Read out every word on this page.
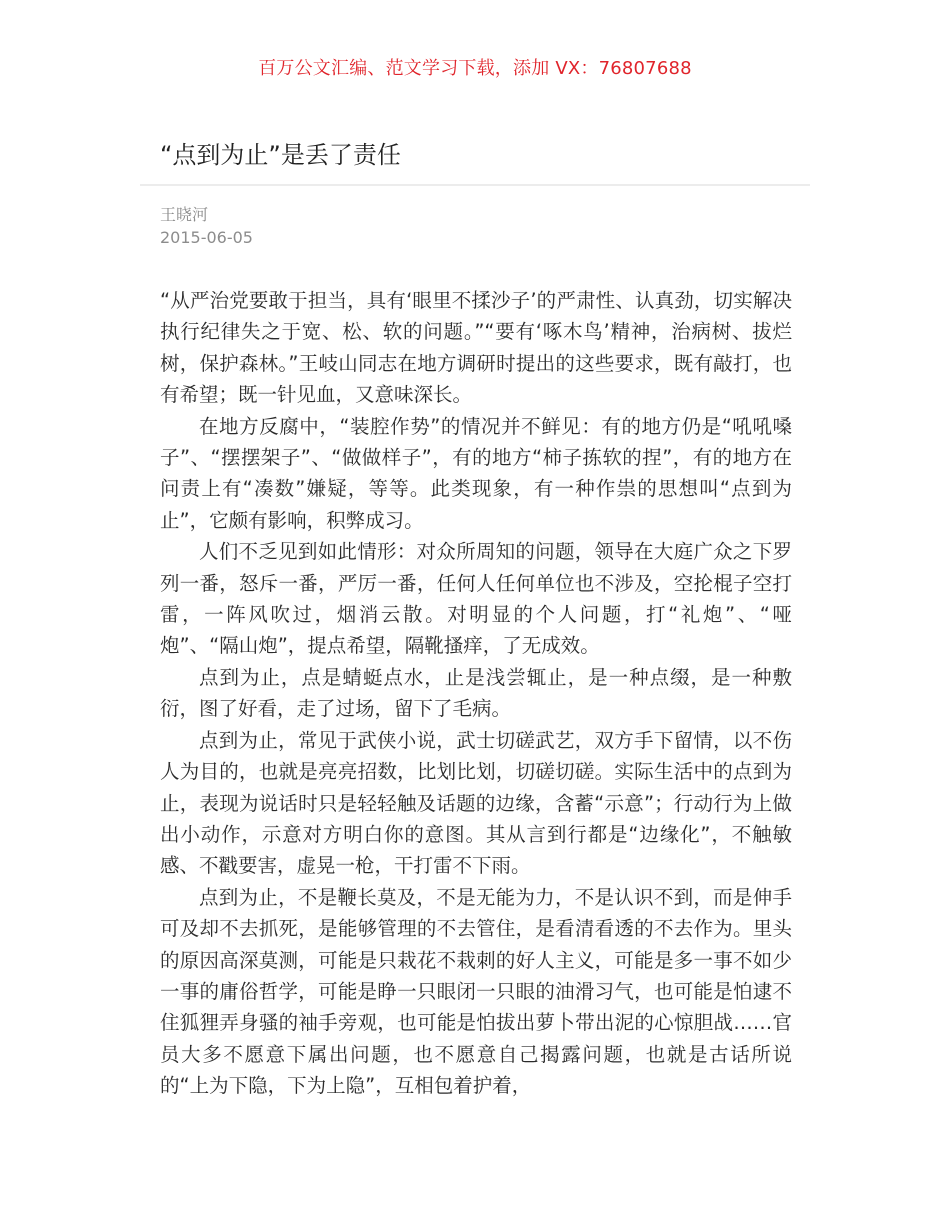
百万公文汇编、范文学习下载，添加 VX：76807688
“点到为止”是丢了责任
王晓河
2015-06-05

“从严治党要敢于担当，具有‘眼里不揉沙子’的严肃性、认真劲，切实解决执行纪律失之于宽、松、软的问题。”“要有‘啄木鸟’精神，治病树、拔烂树，保护森林。”王岐山同志在地方调研时提出的这些要求，既有敲打，也有希望；既一针见血，又意味深长。

在地方反腐中，“装腔作势”的情况并不鲜见：有的地方仍是“吼吼嗓子”、“摆摆架子”、“做做样子”，有的地方“柿子拣软的捏”，有的地方在问责上有“凑数”嫌疑，等等。此类现象，有一种作祟的思想叫“点到为止”，它颇有影响，积弊成习。

人们不乏见到如此情形：对众所周知的问题，领导在大庭广众之下罗列一番，怒斥一番，严厉一番，任何人任何单位也不涉及，空抡棍子空打雷，一阵风吹过，烟消云散。对明显的个人问题，打“礼炮”、“哑炮”、“隔山炮”，提点希望，隔靴搔痒，了无成效。

点到为止，点是蜻蜓点水，止是浅尝辄止，是一种点缀，是一种敷衍，图了好看，走了过场，留下了毛病。

点到为止，常见于武侠小说，武士切磋武艺，双方手下留情，以不伤人为目的，也就是亮亮招数，比划比划，切磋切磋。实际生活中的点到为止，表现为说话时只是轻轻触及话题的边缘，含蓄“示意”；行动行为上做出小动作，示意对方明白你的意图。其从言到行都是“边缘化”，不触敏感、不戳要害，虚晃一枪，干打雷不下雨。

点到为止，不是鞭长莫及，不是无能为力，不是认识不到，而是伸手可及却不去抓死，是能够管理的不去管住，是看清看透的不去作为。里头的原因高深莫测，可能是只栽花不栽刺的好人主义，可能是多一事不如少一事的庸俗哲学，可能是睁一只眼闭一只眼的油滑习气，也可能是怕逮不住狐狸弄身骚的袖手旁观，也可能是怕拔出萝卜带出泥的心惊胆战……官员大多不愿意下属出问题，也不愿意自己揭露问题，也就是古话所说的“上为下隐，下为上隐”，互相包着护着，
